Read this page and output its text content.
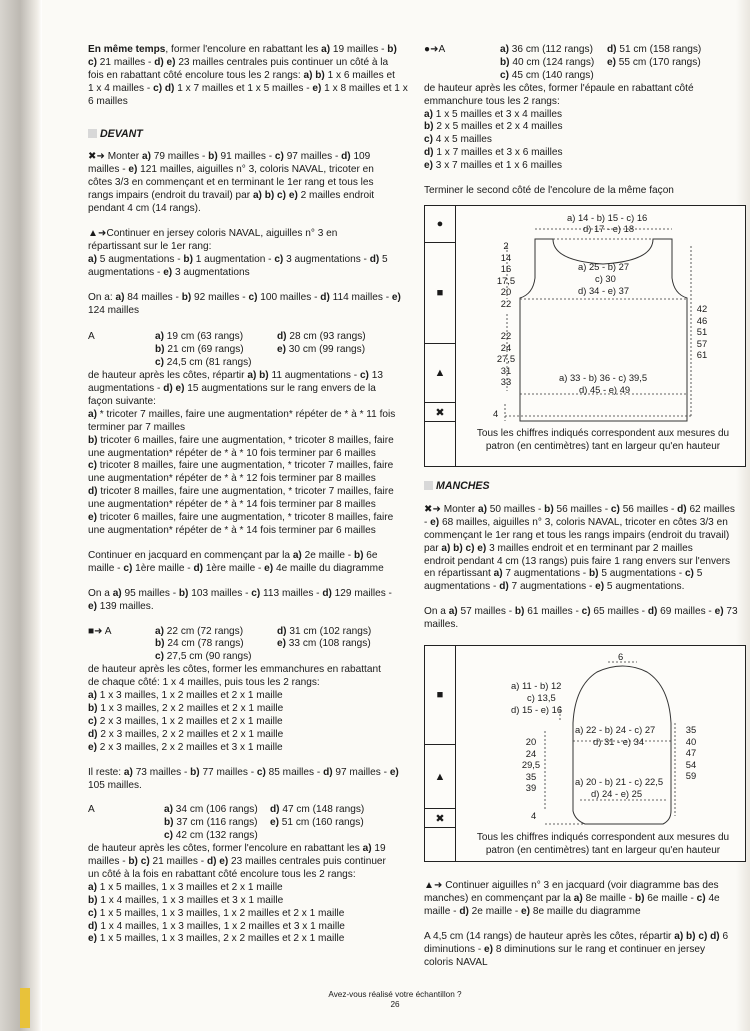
En même temps, former l'encolure en rabattant les a) 19 mailles - b)
c) 21 mailles - d) e) 23 mailles centrales puis continuer un côté à la
fois en rabattant côté encolure tous les 2 rangs: a) b) 1 x 6 mailles et
1 x 4 mailles - c) d) 1 x 7 mailles et 1 x 5 mailles - e) 1 x 8 mailles et 1 x
6 mailles

DEVANT

✖➜ Monter a) 79 mailles - b) 91 mailles - c) 97 mailles - d) 109
mailles - e) 121 mailles, aiguilles n° 3, coloris NAVAL, tricoter en
côtes 3/3 en commençant et en terminant le 1er rang et tous les
rangs impairs (endroit du travail) par a) b) c) e) 2 mailles endroit
pendant 4 cm (14 rangs).
▲➜Continuer en jersey coloris NAVAL, aiguilles n° 3 en
répartissant sur le 1er rang:
a) 5 augmentations - b) 1 augmentation - c) 3 augmentations - d) 5
augmentations - e) 3 augmentations
On a: a) 84 mailles - b) 92 mailles - c) 100 mailles - d) 114 mailles - e)
124 mailles
A	a) 19 cm (63 rangs)	d) 28 cm (93 rangs)
b) 21 cm (69 rangs)	e) 30 cm (99 rangs)
c) 24,5 cm (81 rangs)
de hauteur après les côtes, répartir a) b) 11 augmentations - c) 13
augmentations - d) e) 15 augmentations sur le rang envers de la
façon suivante:
a) * tricoter 7 mailles, faire une augmentation* répéter de * à * 11 fois
terminer par 7 mailles
b) tricoter 6 mailles, faire une augmentation, * tricoter 8 mailles, faire
une augmentation* répéter de * à * 10 fois terminer par 6 mailles
c) tricoter 8 mailles, faire une augmentation, * tricoter 7 mailles, faire
une augmentation* répéter de * à * 12 fois terminer par 8 mailles
d) tricoter 8 mailles, faire une augmentation, * tricoter 7 mailles, faire
une augmentation* répéter de * à * 14 fois terminer par 8 mailles
e) tricoter 6 mailles, faire une augmentation, * tricoter 8 mailles, faire
une augmentation* répéter de * à * 14 fois terminer par 6 mailles
Continuer en jacquard en commençant par la a) 2e maille - b) 6e
maille - c) 1ère maille - d) 1ère maille - e) 4e maille du diagramme
On a a) 95 mailles - b) 103 mailles - c) 113 mailles - d) 129 mailles -
e) 139 mailles.
■➜ A	a) 22 cm (72 rangs)	d) 31 cm (102 rangs)
b) 24 cm (78 rangs)	e) 33 cm (108 rangs)
c) 27,5 cm (90 rangs)
de hauteur après les côtes, former les emmanchures en rabattant
de chaque côté: 1 x 4 mailles, puis tous les 2 rangs:
a) 1 x 3 mailles, 1 x 2 mailles et 2 x 1 maille
b) 1 x 3 mailles, 2 x 2 mailles et 2 x 1 maille
c) 2 x 3 mailles, 1 x 2 mailles et 2 x 1 maille
d) 2 x 3 mailles, 2 x 2 mailles et 2 x 1 maille
e) 2 x 3 mailles, 2 x 2 mailles et 3 x 1 maille
Il reste: a) 73 mailles - b) 77 mailles - c) 85 mailles - d) 97 mailles - e)
105 mailles.
A	a) 34 cm (106 rangs)	d) 47 cm (148 rangs)
b) 37 cm (116 rangs)	e) 51 cm (160 rangs)
c) 42 cm (132 rangs)
de hauteur après les côtes, former l'encolure en rabattant les a) 19
mailles - b) c) 21 mailles - d) e) 23 mailles centrales puis continuer
un côté à la fois en rabattant côté encolure tous les 2 rangs:
a) 1 x 5 mailles, 1 x 3 mailles et 2 x 1 maille
b) 1 x 4 mailles, 1 x 3 mailles et 3 x 1 maille
c) 1 x 5 mailles, 1 x 3 mailles, 1 x 2 mailles et 2 x 1 maille
d) 1 x 4 mailles, 1 x 3 mailles, 1 x 2 mailles et 3 x 1 maille
e) 1 x 5 mailles, 1 x 3 mailles, 2 x 2 mailles et 2 x 1 maille
●➜A	a) 36 cm (112 rangs)	d) 51 cm (158 rangs)
b) 40 cm (124 rangs)	e) 55 cm (170 rangs)
c) 45 cm (140 rangs)
de hauteur après les côtes, former l'épaule en rabattant côté
emmanchure tous les 2 rangs:
a) 1 x 5 mailles et 3 x 4 mailles
b) 2 x 5 mailles et 2 x 4 mailles
c) 4 x 5 mailles
d) 1 x 7 mailles et 3 x 6 mailles
e) 3 x 7 mailles et 1 x 6 mailles

Terminer le second côté de l'encolure de la même façon

●
■
▲
✖
a) 14 - b) 15 - c) 16
d) 17 - e) 18
2
14
16
17,5
20
22
a) 25 - b) 27
c) 30
d) 34 - e) 37
42
46
51
57
61
22
24
27,5
31
33	a) 33 - b) 36 - c) 39,5
d) 45 - e) 49
4
Tous les chiffres indiqués correspondent aux mesures du
patron (en centimètres) tant en largeur qu'en hauteur

MANCHES

✖➜ Monter a) 50 mailles - b) 56 mailles - c) 56 mailles - d) 62 mailles
- e) 68 mailles, aiguilles n° 3, coloris NAVAL, tricoter en côtes 3/3 en
commençant le 1er rang et tous les rangs impairs (endroit du travail)
par a) b) c) e) 3 mailles endroit et en terminant par 2 mailles
endroit pendant 4 cm (13 rangs) puis faire 1 rang envers sur l'envers
en répartissant a) 7 augmentations - b) 5 augmentations - c) 5
augmentations - d) 7 augmentations - e) 5 augmentations.
On a a) 57 mailles - b) 61 mailles - c) 65 mailles - d) 69 mailles - e) 73
mailles.
■
▲
✖
6
a) 11 - b) 12
c) 13,5
d) 15 - e) 16
a) 22 - b) 24 - c) 27
d) 31 - e) 34
20
24
29,5
35
39
35
40
47
54
59
a) 20 - b) 21 - c) 22,5
d) 24 - e) 25
4
Tous les chiffres indiqués correspondent aux mesures du
patron (en centimètres) tant en largeur qu'en hauteur
▲➜ Continuer aiguilles n° 3 en jacquard (voir diagramme bas des
manches) en commençant par la a) 8e maille - b) 6e maille - c) 4e
maille - d) 2e maille - e) 8e maille du diagramme
A 4,5 cm (14 rangs) de hauteur après les côtes, répartir a) b) c) d) 6
diminutions - e) 8 diminutions sur le rang et continuer en jersey
coloris NAVAL
Avez-vous réalisé votre échantillon ?
26
